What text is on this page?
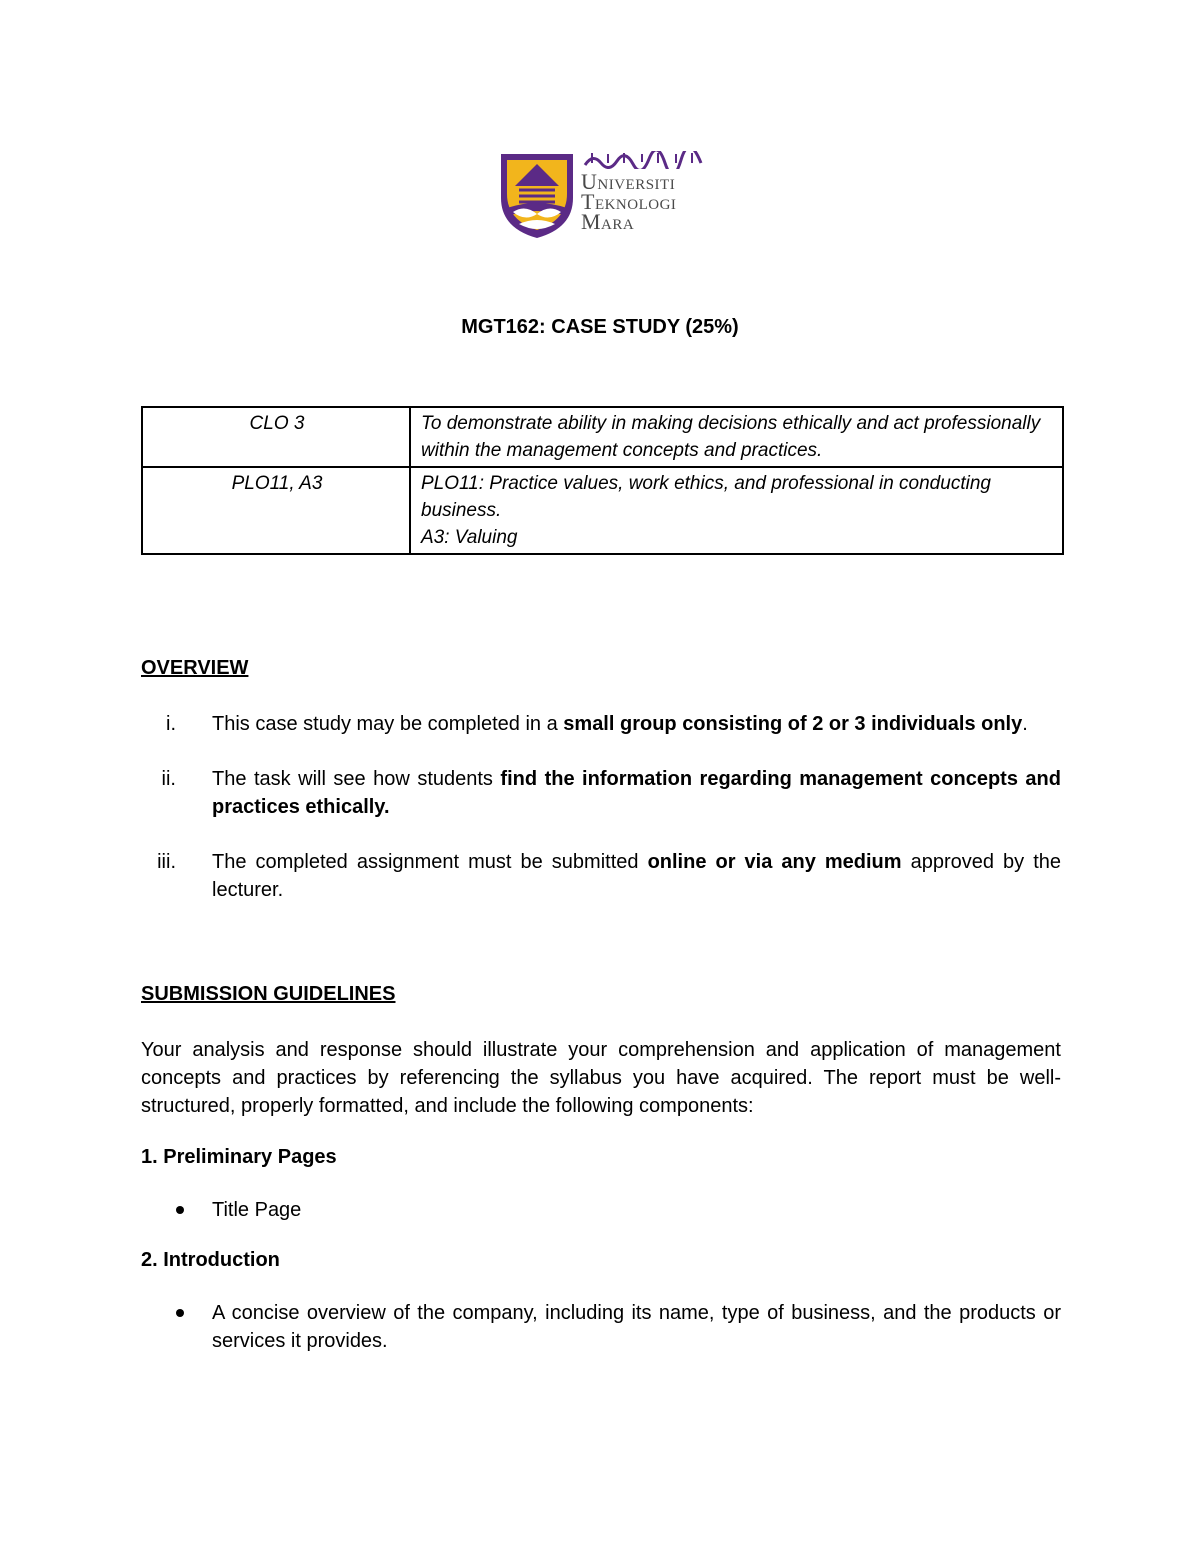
Universiti
Teknologi
Mara
MGT162: CASE STUDY (25%)
CLO 3	To demonstrate ability in making decisions ethically and act professionally within the management concepts and practices.

PLO11, A3	PLO11: Practice values, work ethics, and professional in conducting business.
A3: Valuing
OVERVIEW
i. This case study may be completed in a small group consisting of 2 or 3 individuals only.
ii. The task will see how students find the information regarding management concepts and practices ethically.
iii. The completed assignment must be submitted online or via any medium approved by the lecturer.
SUBMISSION GUIDELINES
Your analysis and response should illustrate your comprehension and application of management concepts and practices by referencing the syllabus you have acquired. The report must be well-structured, properly formatted, and include the following components:
1. Preliminary Pages
Title Page
2. Introduction
A concise overview of the company, including its name, type of business, and the products or services it provides.
